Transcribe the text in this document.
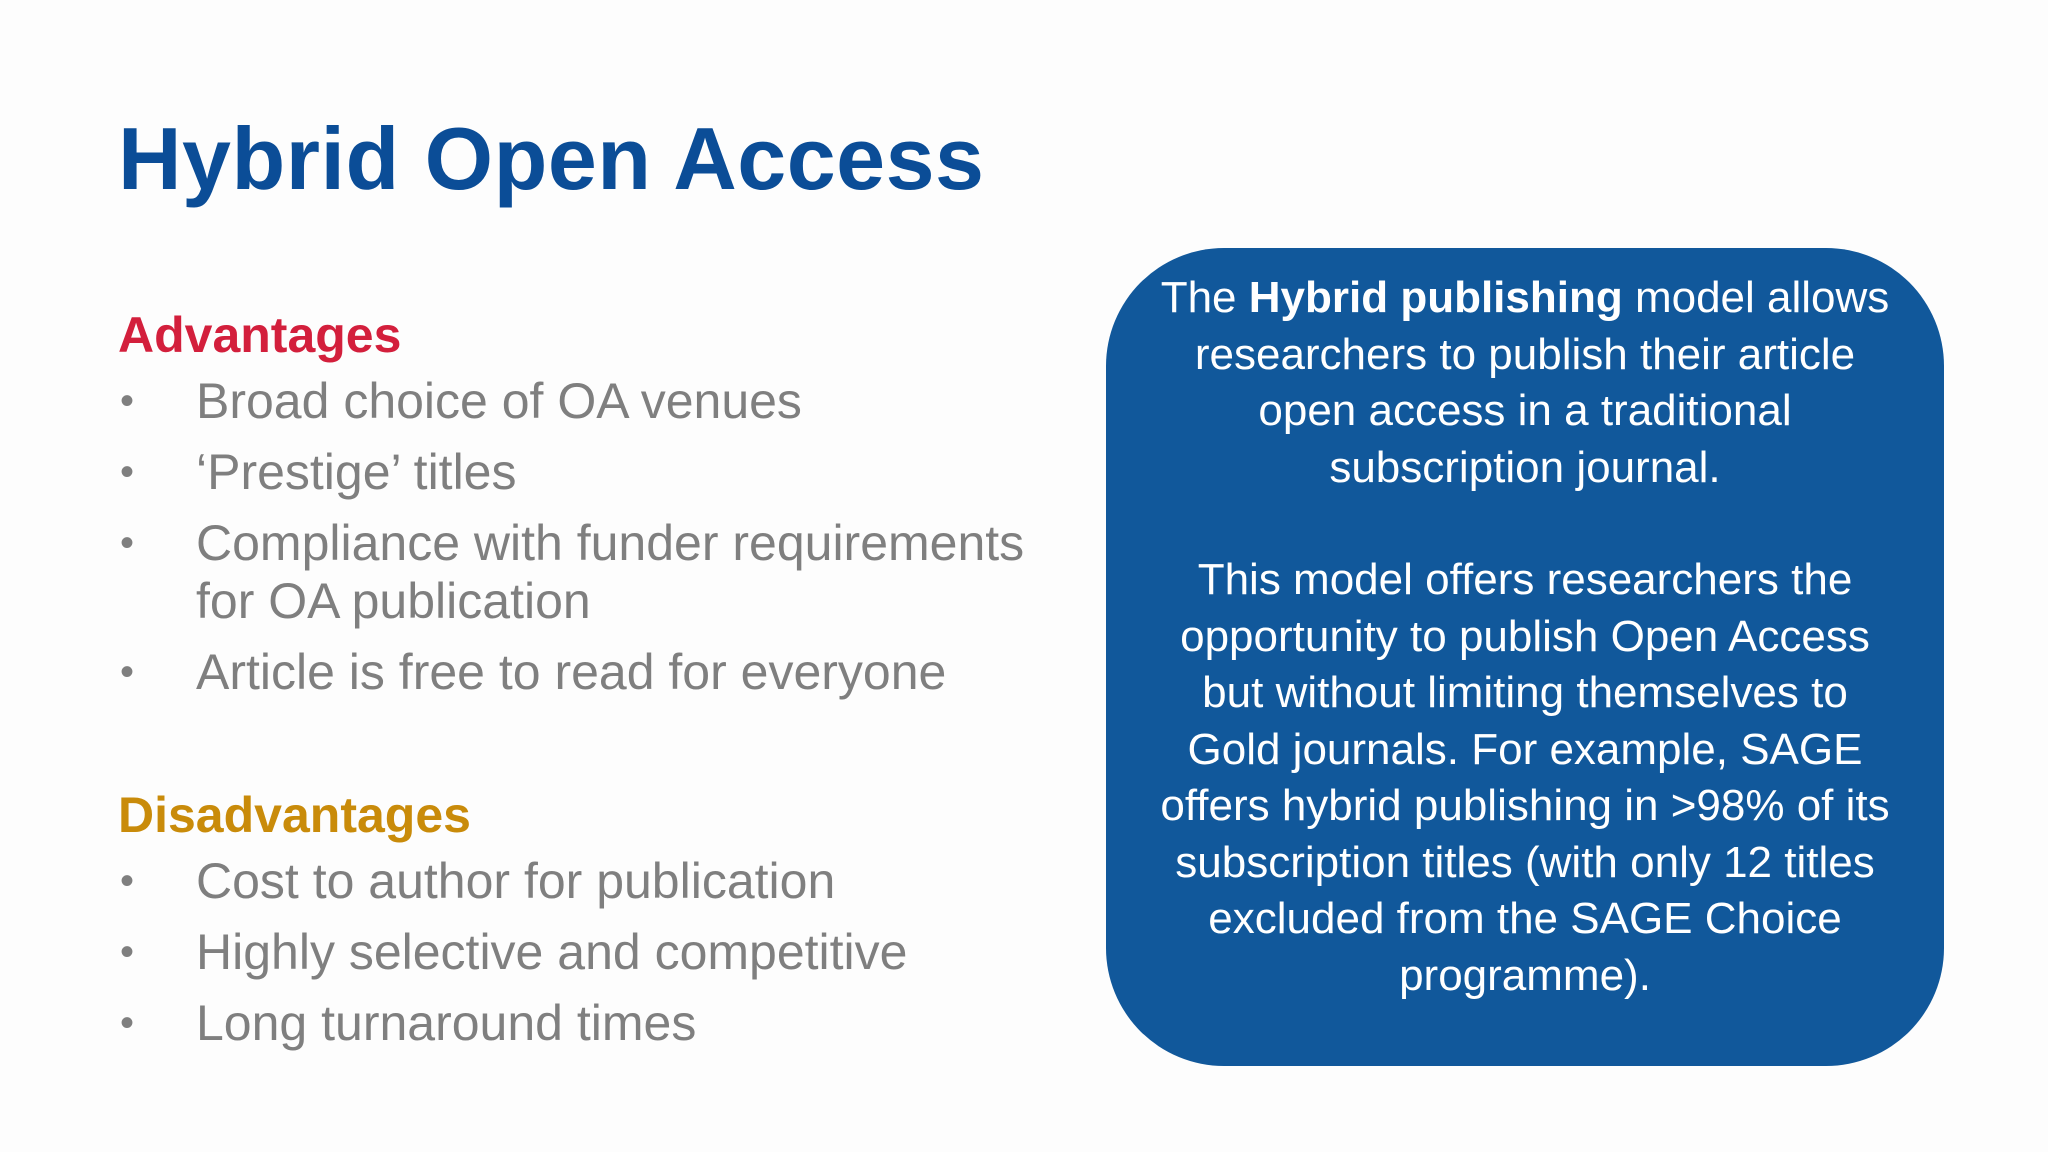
Hybrid Open Access
Advantages
• Broad choice of OA venues
• ‘Prestige’ titles
• Compliance with funder requirements for OA publication
• Article is free to read for everyone
Disadvantages
• Cost to author for publication
• Highly selective and competitive
• Long turnaround times

The Hybrid publishing model allows researchers to publish their article open access in a traditional subscription journal.

This model offers researchers the opportunity to publish Open Access but without limiting themselves to Gold journals. For example, SAGE offers hybrid publishing in >98% of its subscription titles (with only 12 titles excluded from the SAGE Choice programme).
